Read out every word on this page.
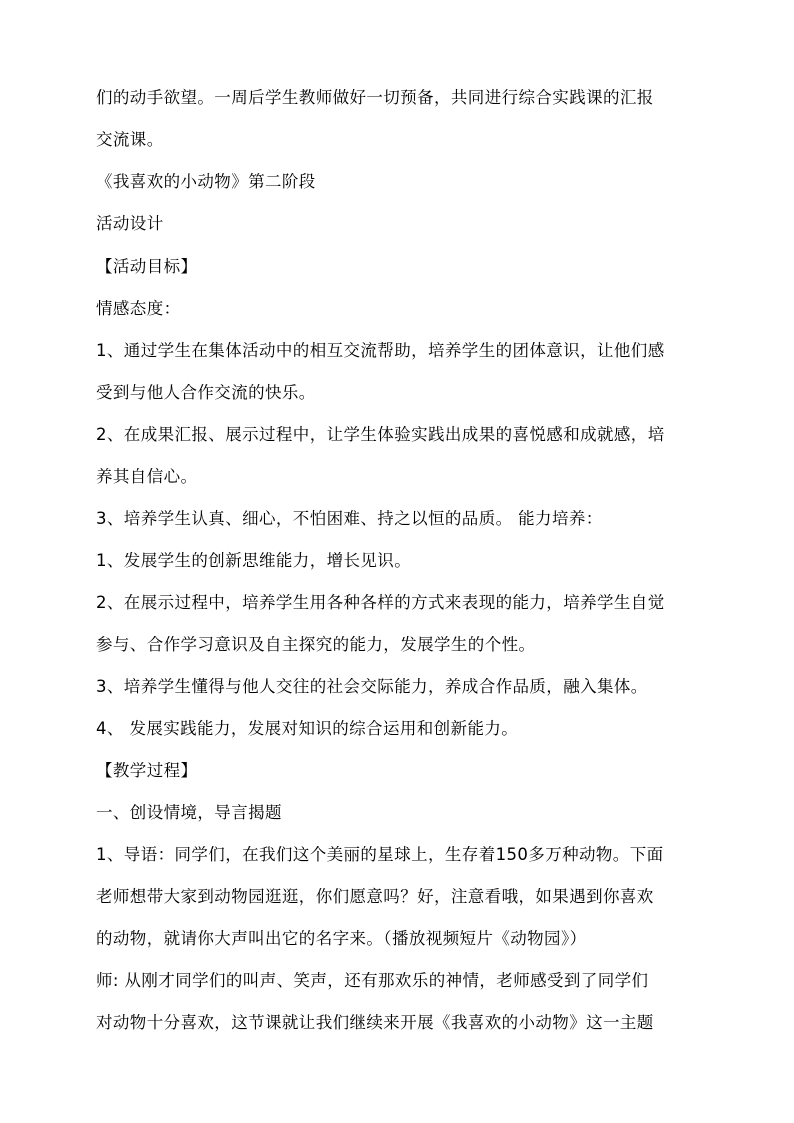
们的动手欲望。一周后学生教师做好一切预备，共同进行综合实践课的汇报
交流课。
《我喜欢的小动物》第二阶段
活动设计
【活动目标】
情感态度：
1、通过学生在集体活动中的相互交流帮助，培养学生的团体意识，让他们感
受到与他人合作交流的快乐。
2、在成果汇报、展示过程中，让学生体验实践出成果的喜悦感和成就感，培
养其自信心。
3、培养学生认真、细心，不怕困难、持之以恒的品质。 能力培养：
1、发展学生的创新思维能力，增长见识。
2、在展示过程中，培养学生用各种各样的方式来表现的能力，培养学生自觉
参与、合作学习意识及自主探究的能力，发展学生的个性。
3、培养学生懂得与他人交往的社会交际能力，养成合作品质，融入集体。
4、 发展实践能力，发展对知识的综合运用和创新能力。
【教学过程】
一、创设情境，导言揭题
1、导语：同学们，在我们这个美丽的星球上，生存着150多万种动物。下面
老师想带大家到动物园逛逛，你们愿意吗？好，注意看哦，如果遇到你喜欢
的动物，就请你大声叫出它的名字来。（播放视频短片《动物园》）
师: 从刚才同学们的叫声、笑声，还有那欢乐的神情，老师感受到了同学们
对动物十分喜欢，这节课就让我们继续来开展《我喜欢的小动物》这一主题
